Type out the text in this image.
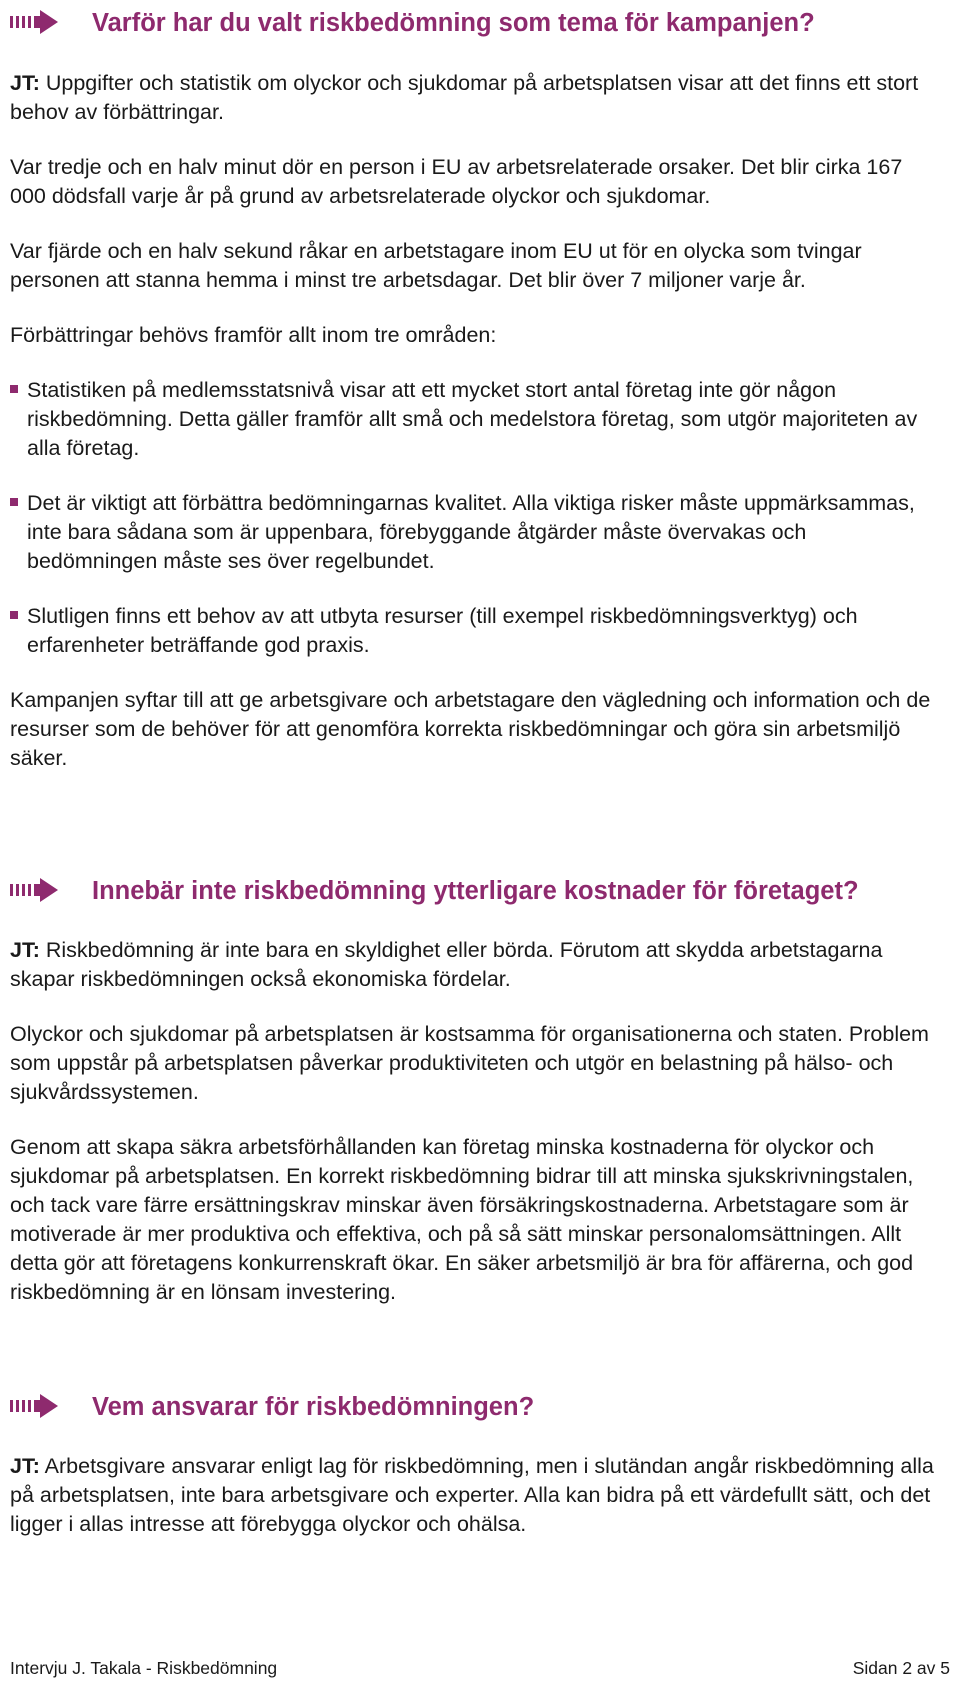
Varför har du valt riskbedömning som tema för kampanjen?

JT: Uppgifter och statistik om olyckor och sjukdomar på arbetsplatsen visar att det finns ett stort behov av förbättringar.

Var tredje och en halv minut dör en person i EU av arbetsrelaterade orsaker. Det blir cirka 167 000 dödsfall varje år på grund av arbetsrelaterade olyckor och sjukdomar.

Var fjärde och en halv sekund råkar en arbetstagare inom EU ut för en olycka som tvingar personen att stanna hemma i minst tre arbetsdagar. Det blir över 7 miljoner varje år.

Förbättringar behövs framför allt inom tre områden:

Statistiken på medlemsstatsnivå visar att ett mycket stort antal företag inte gör någon riskbedömning. Detta gäller framför allt små och medelstora företag, som utgör majoriteten av alla företag.

Det är viktigt att förbättra bedömningarnas kvalitet. Alla viktiga risker måste uppmärksammas, inte bara sådana som är uppenbara, förebyggande åtgärder måste övervakas och bedömningen måste ses över regelbundet.

Slutligen finns ett behov av att utbyta resurser (till exempel riskbedömningsverktyg) och erfarenheter beträffande god praxis.

Kampanjen syftar till att ge arbetsgivare och arbetstagare den vägledning och information och de resurser som de behöver för att genomföra korrekta riskbedömningar och göra sin arbetsmiljö säker.

Innebär inte riskbedömning ytterligare kostnader för företaget?

JT: Riskbedömning är inte bara en skyldighet eller börda. Förutom att skydda arbetstagarna skapar riskbedömningen också ekonomiska fördelar.

Olyckor och sjukdomar på arbetsplatsen är kostsamma för organisationerna och staten. Problem som uppstår på arbetsplatsen påverkar produktiviteten och utgör en belastning på hälso- och sjukvårdssystemen.

Genom att skapa säkra arbetsförhållanden kan företag minska kostnaderna för olyckor och sjukdomar på arbetsplatsen. En korrekt riskbedömning bidrar till att minska sjukskrivningstalen, och tack vare färre ersättningskrav minskar även försäkringskostnaderna. Arbetstagare som är motiverade är mer produktiva och effektiva, och på så sätt minskar personalomsättningen. Allt detta gör att företagens konkurrenskraft ökar. En säker arbetsmiljö är bra för affärerna, och god riskbedömning är en lönsam investering.

Vem ansvarar för riskbedömningen?

JT: Arbetsgivare ansvarar enligt lag för riskbedömning, men i slutändan angår riskbedömning alla på arbetsplatsen, inte bara arbetsgivare och experter. Alla kan bidra på ett värdefullt sätt, och det ligger i allas intresse att förebygga olyckor och ohälsa.

Intervju J. Takala - Riskbedömning	Sidan 2 av 5
